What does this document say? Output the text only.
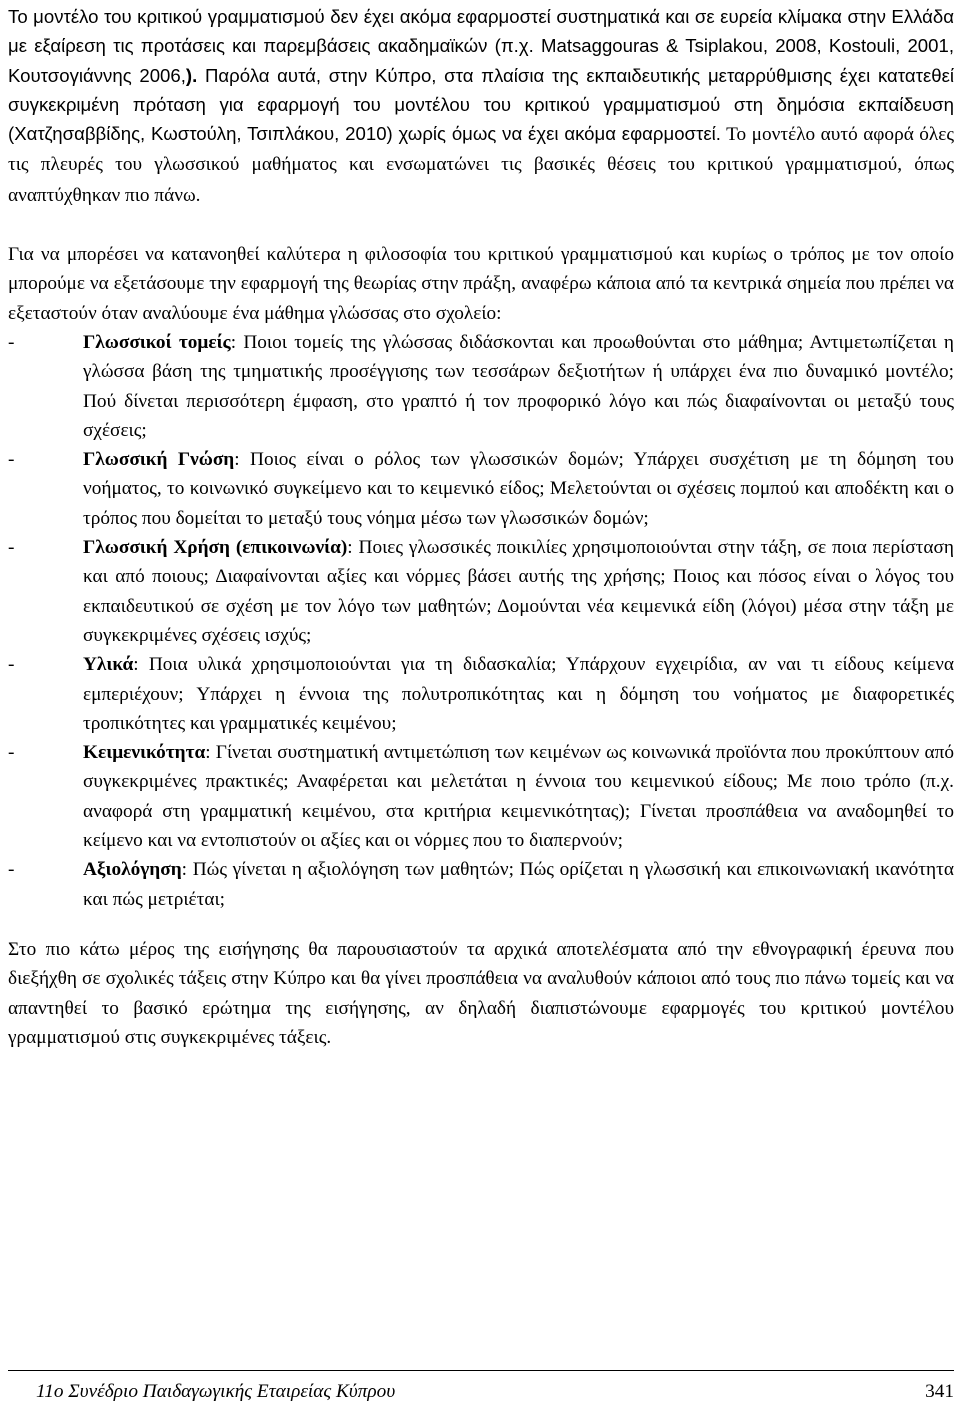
Το μοντέλο του κριτικού γραμματισμού δεν έχει ακόμα εφαρμοστεί συστηματικά και σε ευρεία κλίμακα στην Ελλάδα με εξαίρεση τις προτάσεις και παρεμβάσεις ακαδημαϊκών (π.χ. Matsaggouras & Tsiplakou, 2008, Kostouli, 2001, Κουτσογιάννης 2006,). Παρόλα αυτά, στην Κύπρο, στα πλαίσια της εκπαιδευτικής μεταρρύθμισης έχει κατατεθεί συγκεκριμένη πρόταση για εφαρμογή του μοντέλου του κριτικού γραμματισμού στη δημόσια εκπαίδευση (Χατζησαββίδης, Κωστούλη, Τσιπλάκου, 2010) χωρίς όμως να έχει ακόμα εφαρμοστεί. Το μοντέλο αυτό αφορά όλες τις πλευρές του γλωσσικού μαθήματος και ενσωματώνει τις βασικές θέσεις του κριτικού γραμματισμού, όπως αναπτύχθηκαν πιο πάνω.

Για να μπορέσει να κατανοηθεί καλύτερα η φιλοσοφία του κριτικού γραμματισμού και κυρίως ο τρόπος με τον οποίο μπορούμε να εξετάσουμε την εφαρμογή της θεωρίας στην πράξη, αναφέρω κάποια από τα κεντρικά σημεία που πρέπει να εξεταστούν όταν αναλύουμε ένα μάθημα γλώσσας στο σχολείο:

-	Γλωσσικοί τομείς: Ποιοι τομείς της γλώσσας διδάσκονται και προωθούνται στο μάθημα; Αντιμετωπίζεται η γλώσσα βάση της τμηματικής προσέγγισης των τεσσάρων δεξιοτήτων ή υπάρχει ένα πιο δυναμικό μοντέλο; Πού δίνεται περισσότερη έμφαση, στο γραπτό ή τον προφορικό λόγο και πώς διαφαίνονται οι μεταξύ τους σχέσεις;
-	Γλωσσική Γνώση: Ποιος είναι ο ρόλος των γλωσσικών δομών; Υπάρχει συσχέτιση με τη δόμηση του νοήματος, το κοινωνικό συγκείμενο και το κειμενικό είδος; Μελετούνται οι σχέσεις πομπού και αποδέκτη και ο τρόπος που δομείται το μεταξύ τους νόημα μέσω των γλωσσικών δομών;
-	Γλωσσική Χρήση (επικοινωνία): Ποιες γλωσσικές ποικιλίες χρησιμοποιούνται στην τάξη, σε ποια περίσταση και από ποιους; Διαφαίνονται αξίες και νόρμες βάσει αυτής της χρήσης; Ποιος και πόσος είναι ο λόγος του εκπαιδευτικού σε σχέση με τον λόγο των μαθητών; Δομούνται νέα κειμενικά είδη (λόγοι) μέσα στην τάξη με συγκεκριμένες σχέσεις ισχύς;
-	Υλικά: Ποια υλικά χρησιμοποιούνται για τη διδασκαλία; Υπάρχουν εγχειρίδια, αν ναι τι είδους κείμενα εμπεριέχουν; Υπάρχει η έννοια της πολυτροπικότητας και η δόμηση του νοήματος με διαφορετικές τροπικότητες και γραμματικές κειμένου;
-	Κειμενικότητα: Γίνεται συστηματική αντιμετώπιση των κειμένων ως κοινωνικά προϊόντα που προκύπτουν από συγκεκριμένες πρακτικές; Αναφέρεται και μελετάται η έννοια του κειμενικού είδους; Με ποιο τρόπο (π.χ. αναφορά στη γραμματική κειμένου, στα κριτήρια κειμενικότητας); Γίνεται προσπάθεια να αναδομηθεί το κείμενο και να εντοπιστούν οι αξίες και οι νόρμες που το διαπερνούν;
-	Αξιολόγηση: Πώς γίνεται η αξιολόγηση των μαθητών; Πώς ορίζεται η γλωσσική και επικοινωνιακή ικανότητα και πώς μετριέται;

Στο πιο κάτω μέρος της εισήγησης θα παρουσιαστούν τα αρχικά αποτελέσματα από την εθνογραφική έρευνα που διεξήχθη σε σχολικές τάξεις στην Κύπρο και θα γίνει προσπάθεια να αναλυθούν κάποιοι από τους πιο πάνω τομείς και να απαντηθεί το βασικό ερώτημα της εισήγησης, αν δηλαδή διαπιστώνουμε εφαρμογές του κριτικού μοντέλου γραμματισμού στις συγκεκριμένες τάξεις.

11ο Συνέδριο Παιδαγωγικής Εταιρείας Κύπρου	341
